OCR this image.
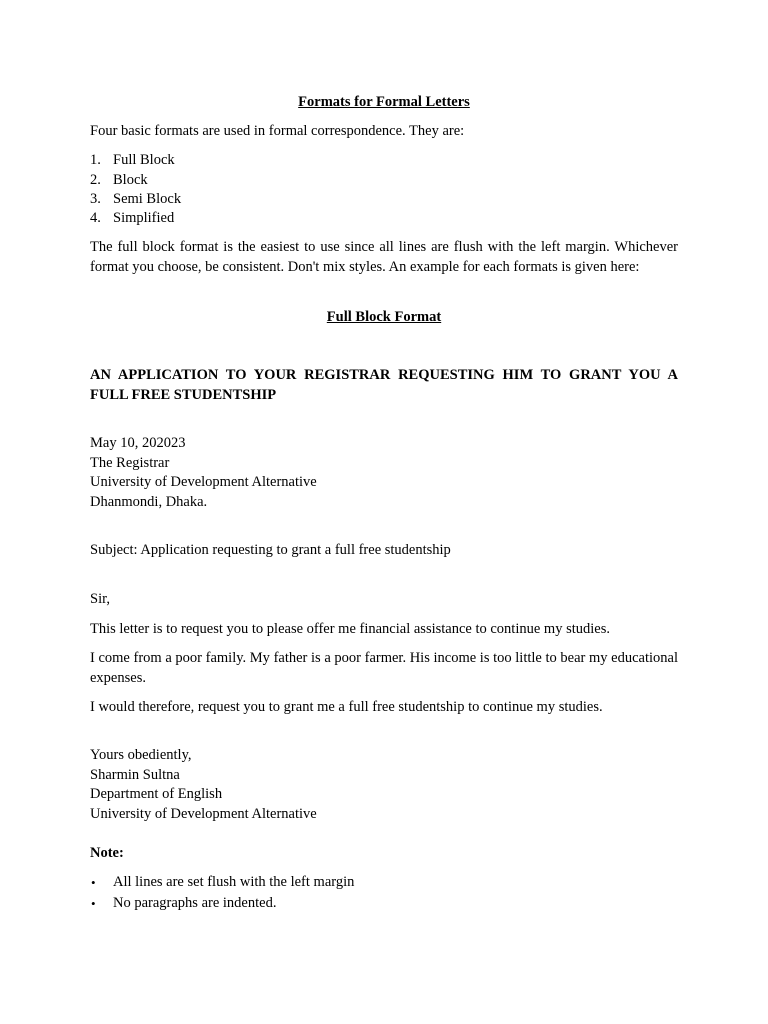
Formats for Formal Letters
Four basic formats are used in formal correspondence. They are:
1. Full Block
2. Block
3. Semi Block
4. Simplified
The full block format is the easiest to use since all lines are flush with the left margin. Whichever format you choose, be consistent. Don't mix styles. An example for each formats is given here:
Full Block Format
AN APPLICATION TO YOUR REGISTRAR REQUESTING HIM TO GRANT YOU A FULL FREE STUDENTSHIP
May 10, 202023
The Registrar
University of Development Alternative
Dhanmondi, Dhaka.
Subject: Application requesting to grant a full free studentship
Sir,
This letter is to request you to please offer me financial assistance to continue my studies.
I come from a poor family. My father is a poor farmer. His income is too little to bear my educational expenses.
I would therefore, request you to grant me a full free studentship to continue my studies.
Yours obediently,
Sharmin Sultna
Department of English
University of Development Alternative
Note:
• All lines are set flush with the left margin
• No paragraphs are indented.
